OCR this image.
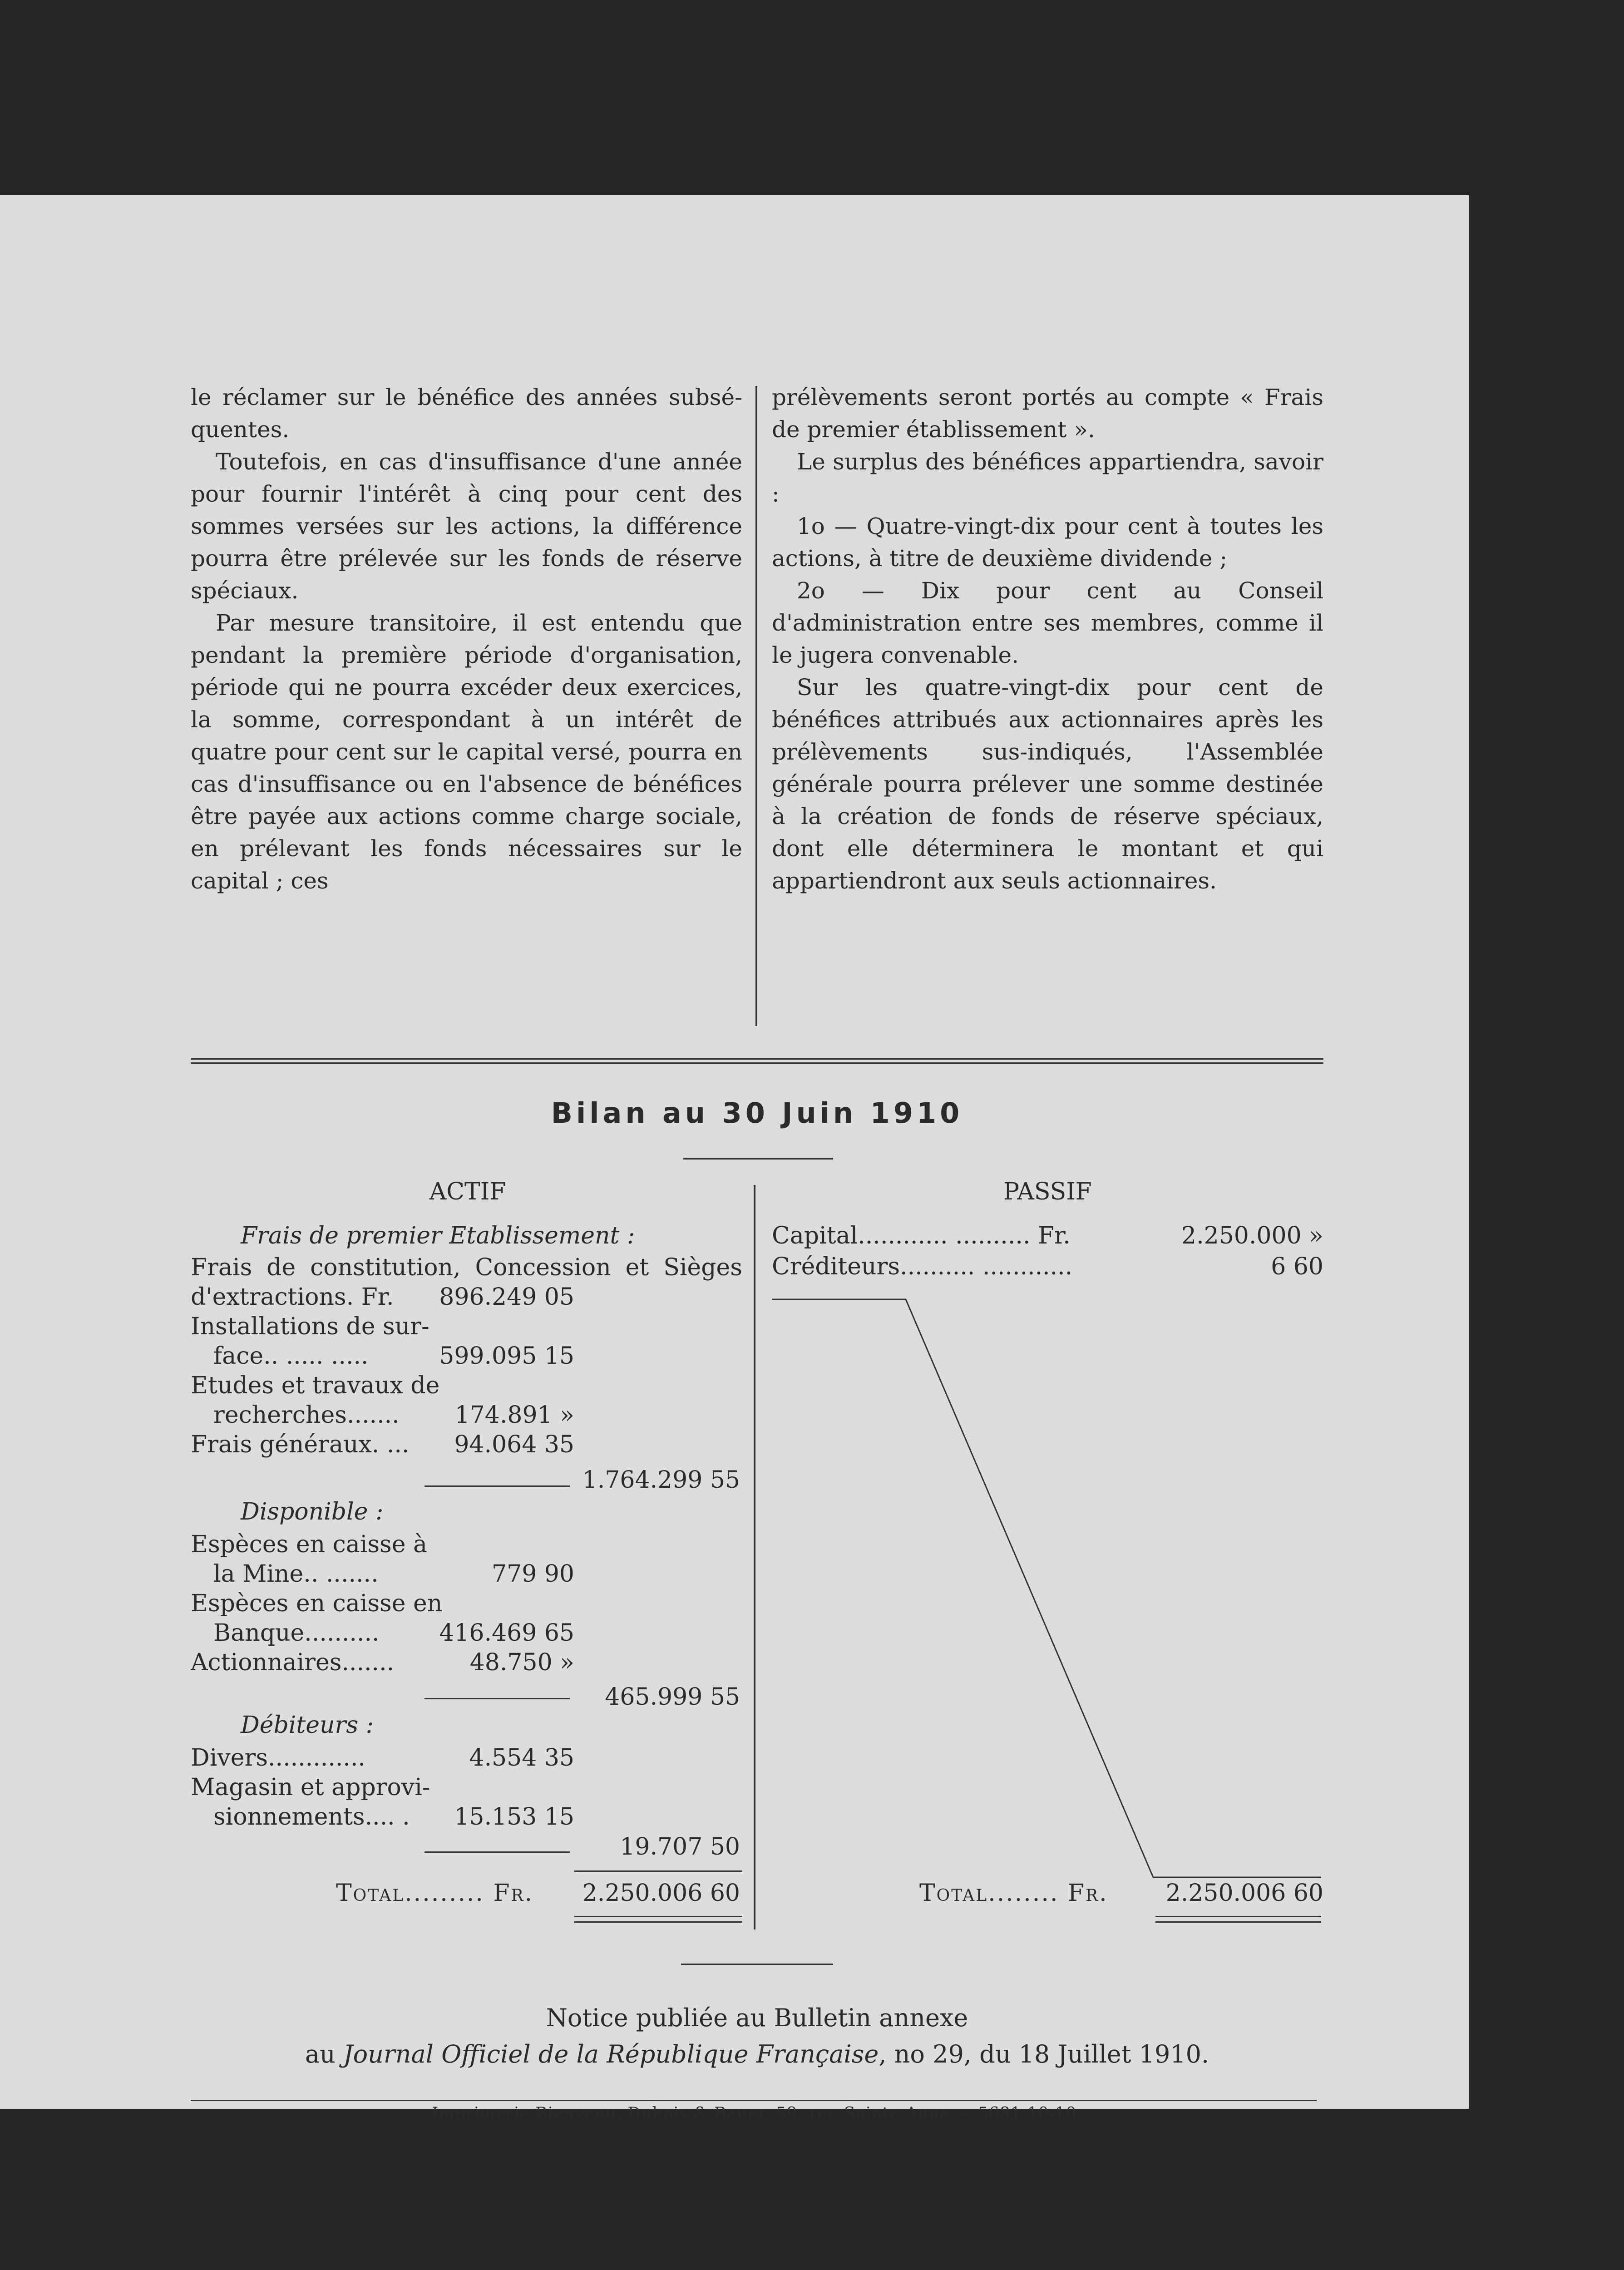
le réclamer sur le bénéfice des années subsé-quentes.

Toutefois, en cas d'insuffisance d'une année pour fournir l'intérêt à cinq pour cent des sommes versées sur les actions, la différence pourra être prélevée sur les fonds de réserve spéciaux.

Par mesure transitoire, il est entendu que pendant la première période d'organisation, période qui ne pourra excéder deux exercices, la somme, correspondant à un intérêt de quatre pour cent sur le capital versé, pourra en cas d'insuffisance ou en l'absence de bénéfices être payée aux actions comme charge sociale, en prélevant les fonds nécessaires sur le capital ; ces

prélèvements seront portés au compte « Frais de premier établissement ».

Le surplus des bénéfices appartiendra, savoir :

1o — Quatre-vingt-dix pour cent à toutes les actions, à titre de deuxième dividende ;

2o — Dix pour cent au Conseil d'administration entre ses membres, comme il le jugera convenable.

Sur les quatre-vingt-dix pour cent de bénéfices attribués aux actionnaires après les prélèvements sus-indiqués, l'Assemblée générale pourra prélever une somme destinée à la création de fonds de réserve spéciaux, dont elle déterminera le montant et qui appartiendront aux seuls actionnaires.

Bilan au 30 Juin 1910
ACTIF	PASSIF
Frais de premier Etablissement :
Frais de constitution, Concession et Sièges
d'extractions. Fr.	896.249 05
Installations de sur-
face.. ..... .....	599.095 15
Etudes et travaux de
recherches.......	174.891 »
Frais généraux. ...	94.064 35
1.764.299 55
Disponible :
Espèces en caisse à
la Mine.. .......	779 90
Espèces en caisse en
Banque..........	416.469 65
Actionnaires.......	48.750 »
465.999 55
Débiteurs :
Divers.............	4.554 35
Magasin et approvi-
sionnements.... .	15.153 15
19.707 50
Total......... Fr.	2.250.006 60
Capital............ .......... Fr.	2.250.000 »
Créditeurs.......... ............	6 60
Total........ Fr.	2.250.006 60
Notice publiée au Bulletin annexe
au Journal Officiel de la République Française, no 29, du 18 Juillet 1910.
Imprimerie Bienvenu, Dubois & Bauer, 59, rue Sainte-Anne — 5681-10-10.
